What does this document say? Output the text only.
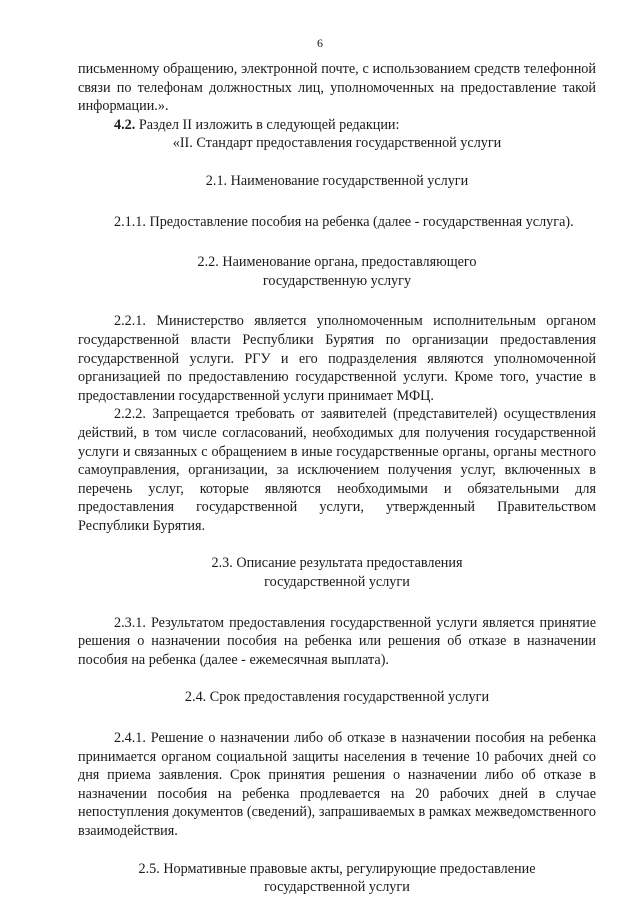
6

письменному обращению, электронной почте, с использованием средств телефонной связи по телефонам должностных лиц, уполномоченных на предоставление такой информации.».

4.2. Раздел II изложить в следующей редакции:

«II. Стандарт предоставления государственной услуги

2.1. Наименование государственной услуги

2.1.1. Предоставление пособия на ребенка (далее - государственная услуга).

2.2. Наименование органа, предоставляющего

государственную услугу

2.2.1. Министерство является уполномоченным исполнительным органом государственной власти Республики Бурятия по организации предоставления государственной услуги. РГУ и его подразделения являются уполномоченной организацией по предоставлению государственной услуги. Кроме того, участие в предоставлении государственной услуги принимает МФЦ.

2.2.2. Запрещается требовать от заявителей (представителей) осуществления действий, в том числе согласований, необходимых для получения государственной услуги и связанных с обращением в иные государственные органы, органы местного самоуправления, организации, за исключением получения услуг, включенных в перечень услуг, которые являются необходимыми и обязательными для предоставления государственной услуги, утвержденный Правительством Республики Бурятия.

2.3. Описание результата предоставления

государственной услуги

2.3.1. Результатом предоставления государственной услуги является принятие решения о назначении пособия на ребенка или решения об отказе в назначении пособия на ребенка (далее - ежемесячная выплата).

2.4. Срок предоставления государственной услуги

2.4.1. Решение о назначении либо об отказе в назначении пособия на ребенка принимается органом социальной защиты населения в течение 10 рабочих дней со дня приема заявления. Срок принятия решения о назначении либо об отказе в назначении пособия на ребенка продлевается на 20 рабочих дней в случае непоступления документов (сведений), запрашиваемых в рамках межведомственного взаимодействия.

2.5. Нормативные правовые акты, регулирующие предоставление

государственной услуги
